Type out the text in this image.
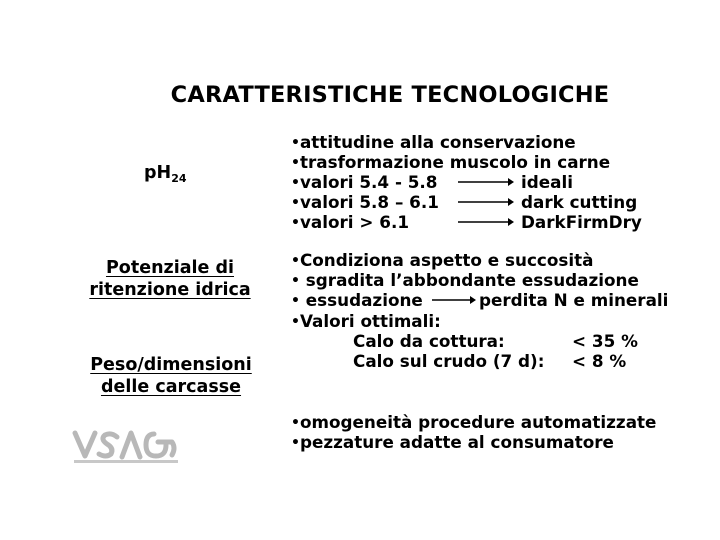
CARATTERISTICHE TECNOLOGICHE
$pH_{24}$
•attitudine alla conservazione
•trasformazione muscolo in carne
•valori 5.4 - 5.8	ideali
•valori 5.8 – 6.1	dark cutting
•valori > 6.1	DarkFirmDry
Potenziale di
ritenzione idrica
•Condiziona aspetto e succosità
• sgradita l’abbondante essudazione
• essudazione	perdita N e minerali
•Valori ottimali:
Calo da cottura:	< 35 %
Calo sul crudo (7 d): < 8 %
Peso/dimensioni
delle carcasse
•omogeneità procedure automatizzate
•pezzature adatte al consumatore
